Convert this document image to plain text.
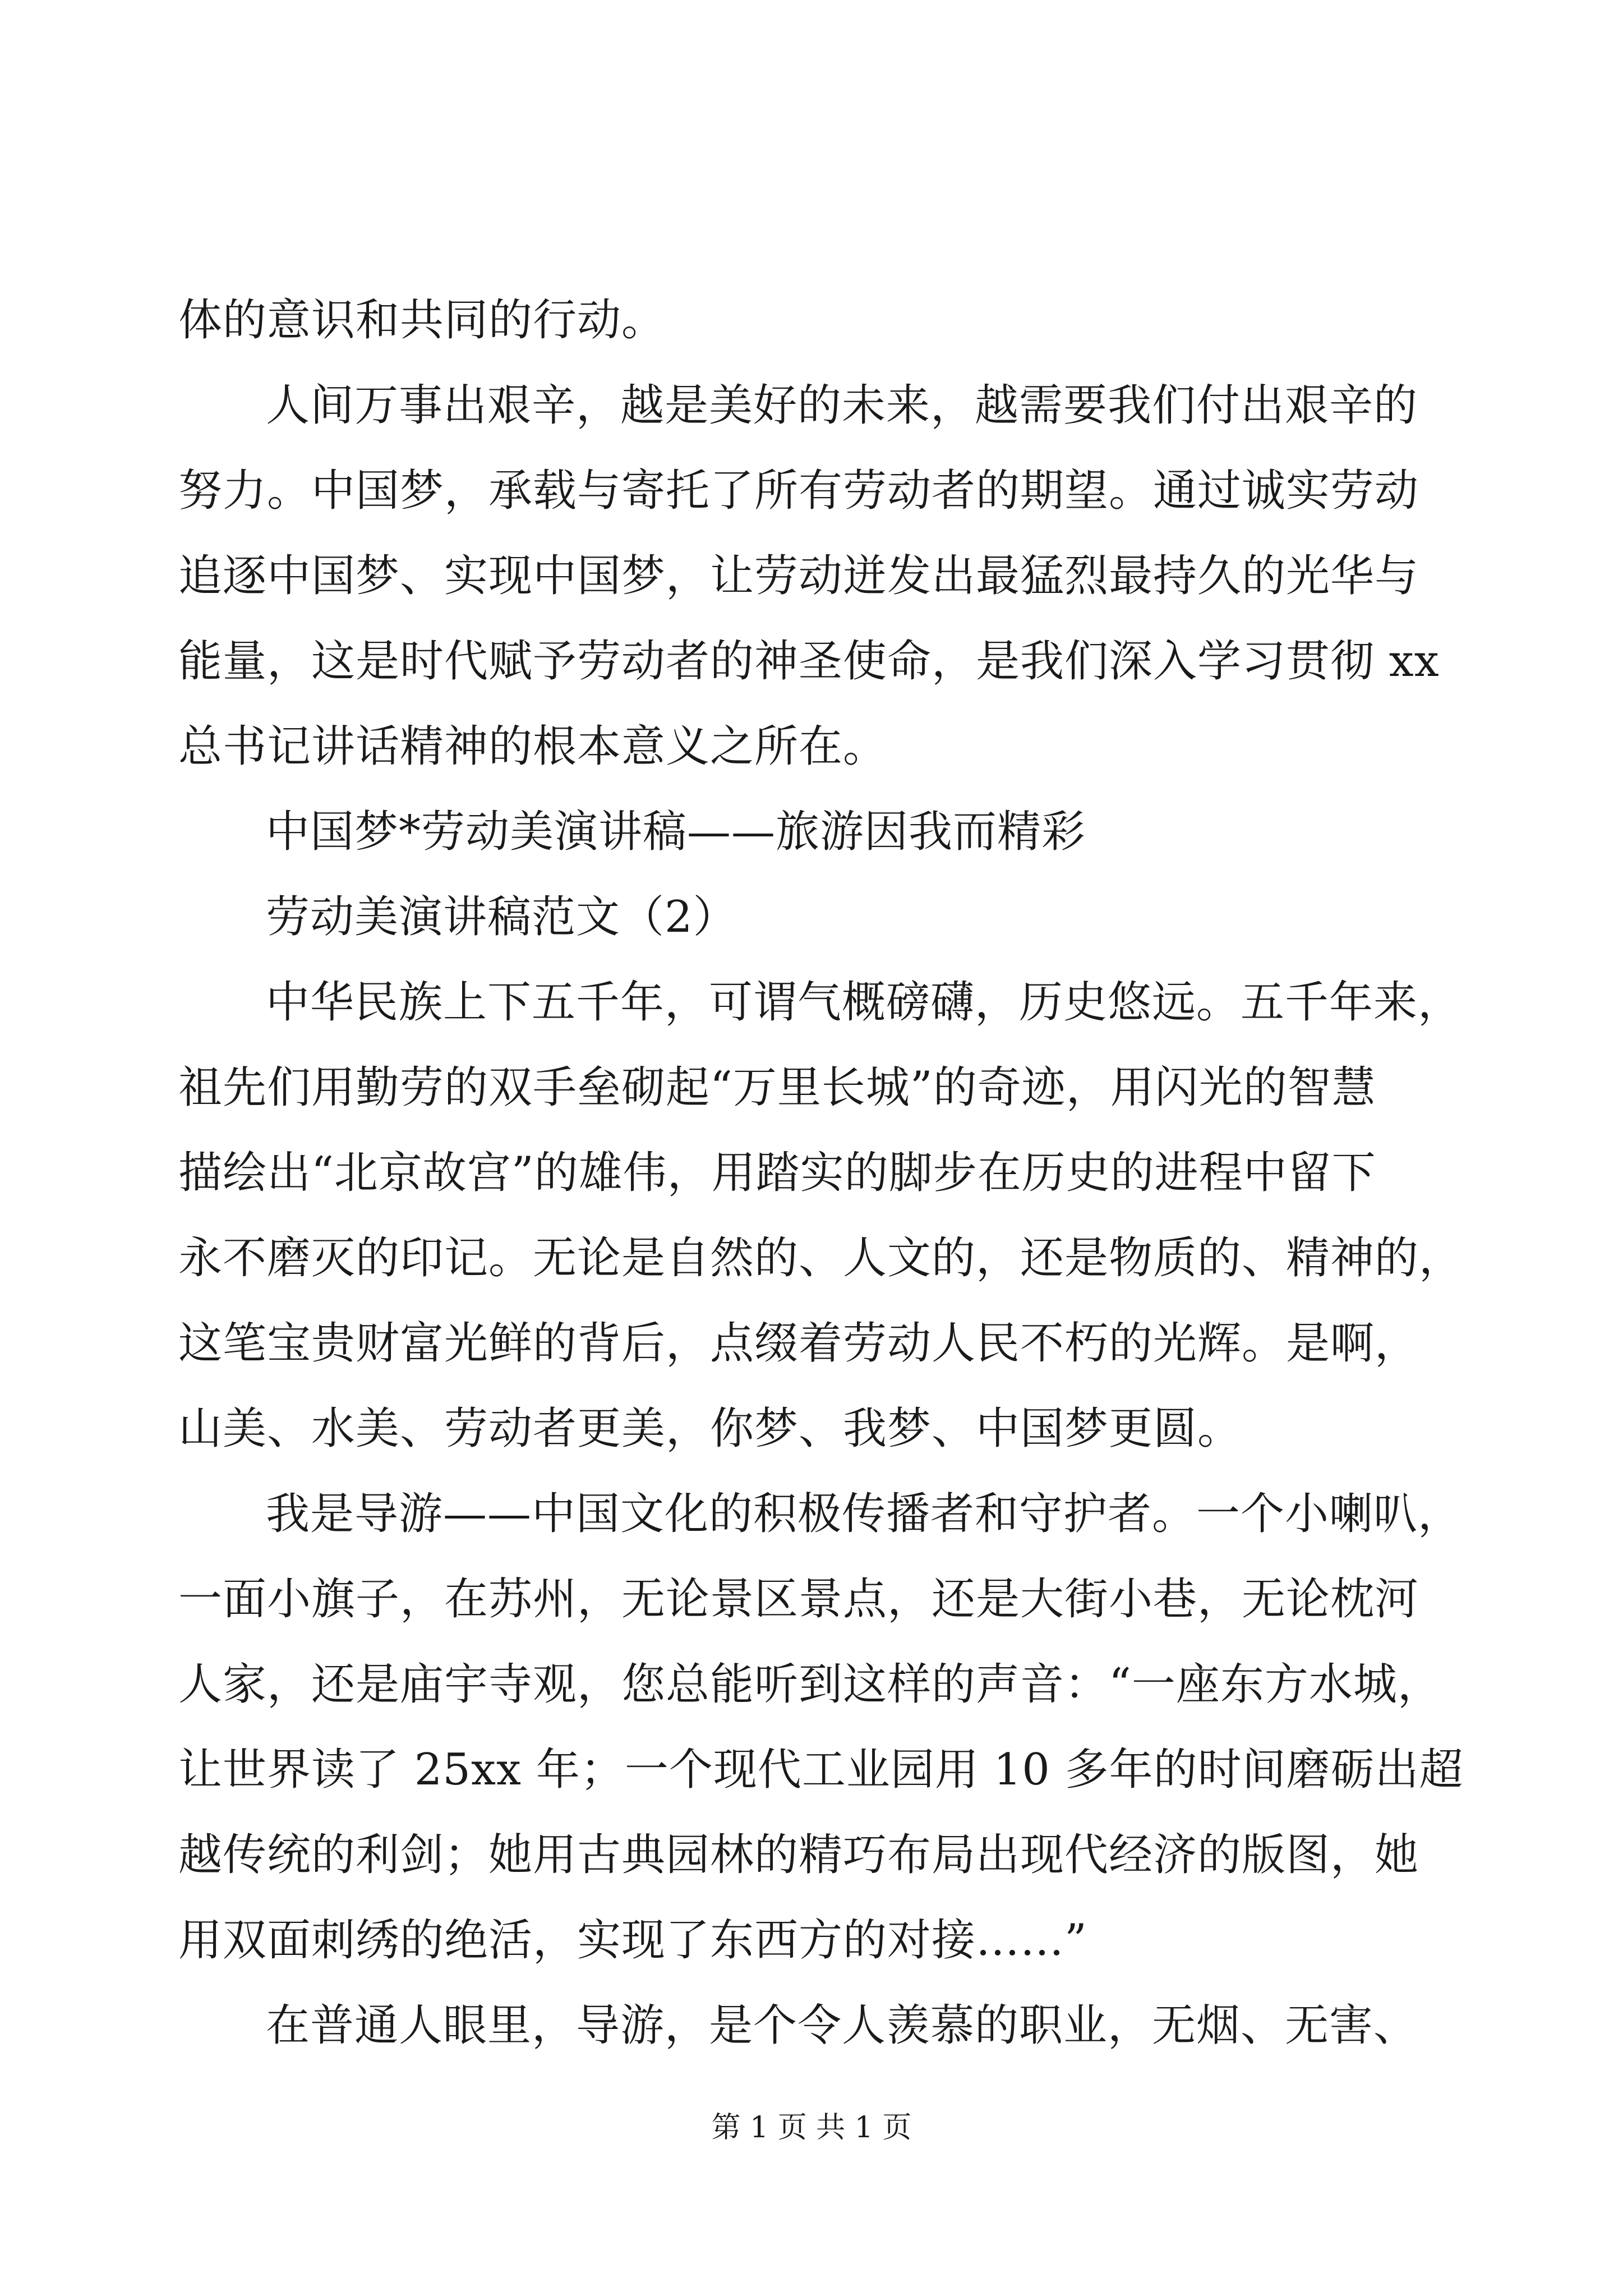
体的意识和共同的行动。
人间万事出艰辛，越是美好的未来，越需要我们付出艰辛的
努力。中国梦，承载与寄托了所有劳动者的期望。通过诚实劳动
追逐中国梦、实现中国梦，让劳动迸发出最猛烈最持久的光华与
能量，这是时代赋予劳动者的神圣使命，是我们深入学习贯彻 xx
总书记讲话精神的根本意义之所在。
中国梦*劳动美演讲稿——旅游因我而精彩
劳动美演讲稿范文（2）
中华民族上下五千年，可谓气概磅礴，历史悠远。五千年来，
祖先们用勤劳的双手垒砌起“万里长城”的奇迹，用闪光的智慧
描绘出“北京故宫”的雄伟，用踏实的脚步在历史的进程中留下
永不磨灭的印记。无论是自然的、人文的，还是物质的、精神的，
这笔宝贵财富光鲜的背后，点缀着劳动人民不朽的光辉。是啊，
山美、水美、劳动者更美，你梦、我梦、中国梦更圆。
我是导游——中国文化的积极传播者和守护者。一个小喇叭，
一面小旗子，在苏州，无论景区景点，还是大街小巷，无论枕河
人家，还是庙宇寺观，您总能听到这样的声音：“一座东方水城，
让世界读了 25xx 年；一个现代工业园用 10 多年的时间磨砺出超
越传统的利剑；她用古典园林的精巧布局出现代经济的版图，她
用双面刺绣的绝活，实现了东西方的对接……”
在普通人眼里，导游，是个令人羡慕的职业，无烟、无害、
第 1 页 共 1 页
